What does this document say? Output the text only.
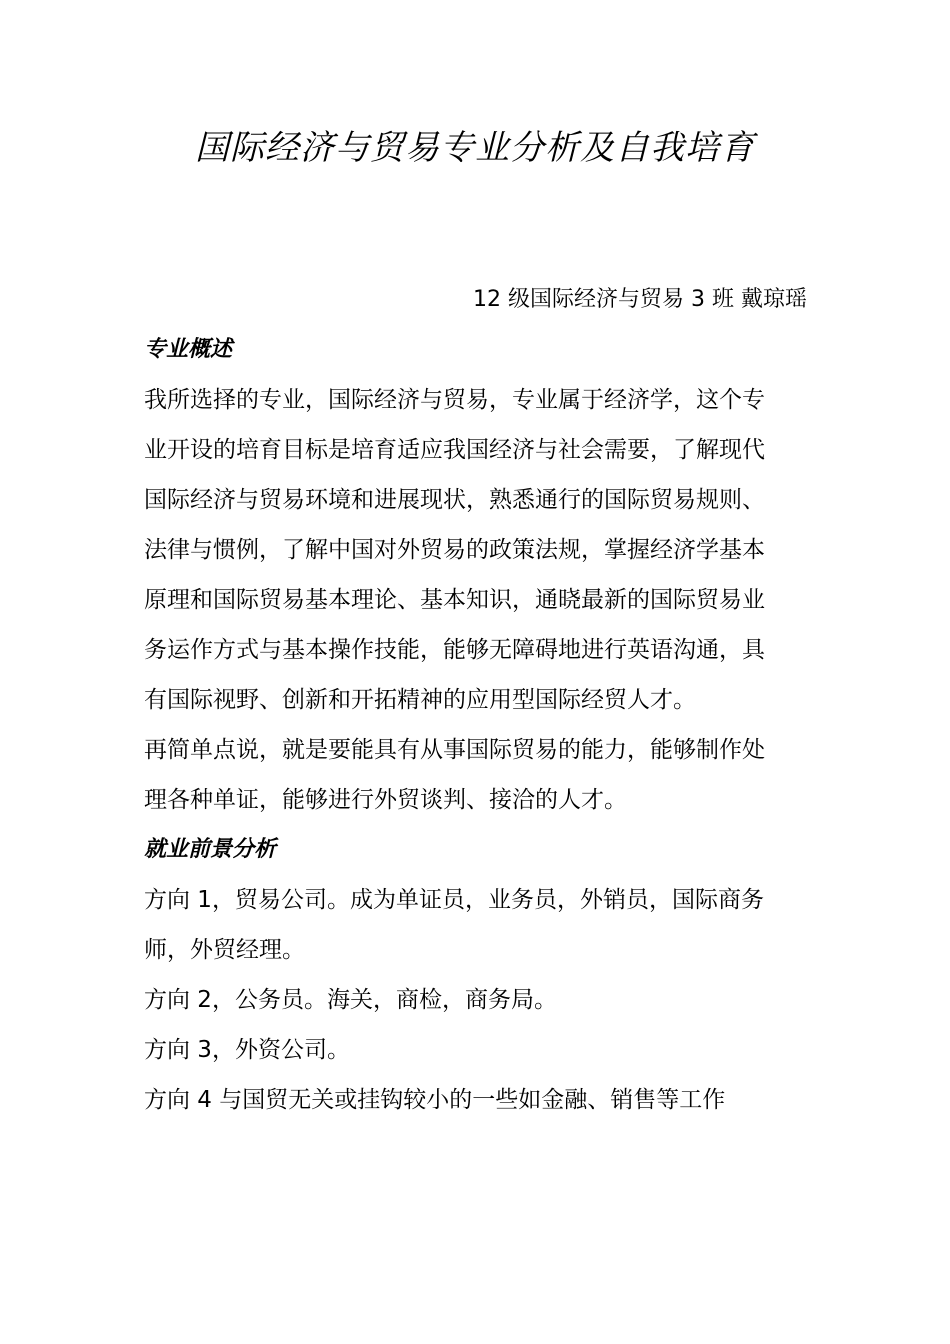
国际经济与贸易专业分析及自我培育
12 级国际经济与贸易 3 班 戴琼瑶
专业概述
我所选择的专业，国际经济与贸易，专业属于经济学，这个专
业开设的培育目标是培育适应我国经济与社会需要，了解现代
国际经济与贸易环境和进展现状，熟悉通行的国际贸易规则、
法律与惯例，了解中国对外贸易的政策法规，掌握经济学基本
原理和国际贸易基本理论、基本知识，通晓最新的国际贸易业
务运作方式与基本操作技能，能够无障碍地进行英语沟通，具
有国际视野、创新和开拓精神的应用型国际经贸人才。
再简单点说，就是要能具有从事国际贸易的能力，能够制作处
理各种单证，能够进行外贸谈判、接洽的人才。
就业前景分析
方向 1，贸易公司。成为单证员，业务员，外销员，国际商务
师，外贸经理。
方向 2，公务员。海关，商检，商务局。
方向 3，外资公司。
方向 4 与国贸无关或挂钩较小的一些如金融、销售等工作
